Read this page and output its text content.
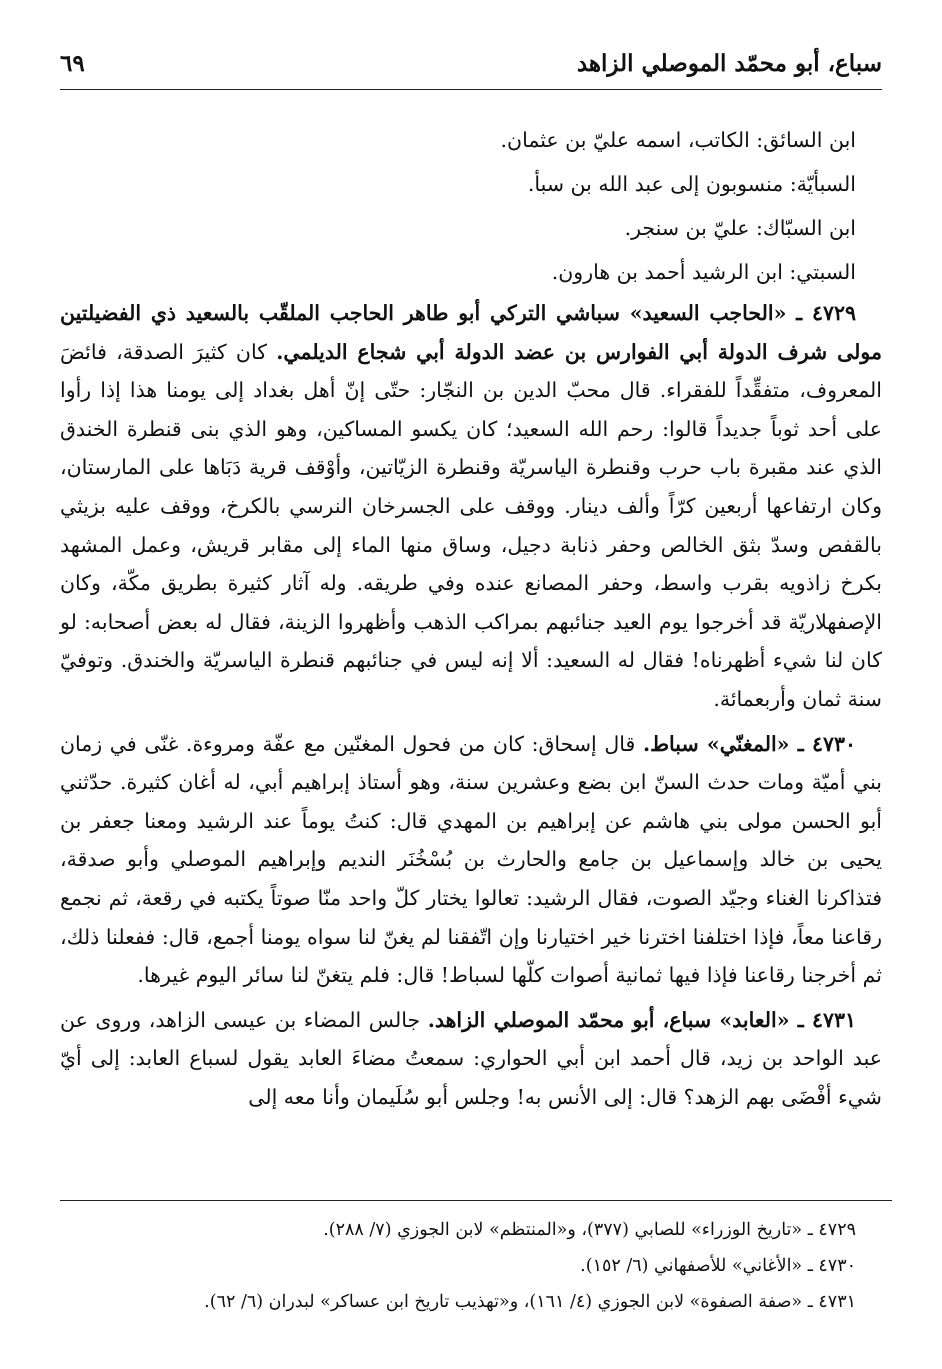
سباع، أبو محمّد الموصلي الزاهد
٦٩
ابن السائق: الكاتب، اسمه عليّ بن عثمان.
السبأيّة: منسوبون إلى عبد الله بن سبأ.
ابن السبّاك: عليّ بن سنجر.
السبتي: ابن الرشيد أحمد بن هارون.

٤٧٢٩ ـ «الحاجب السعيد» سباشي التركي أبو طاهر الحاجب الملقّب بالسعيد ذي الفضيلتين مولى شرف الدولة أبي الفوارس بن عضد الدولة أبي شجاع الديلمي. كان كثيرَ الصدقة، فائضَ المعروف، متفقِّداً للفقراء. قال محبّ الدين بن النجّار: حتّى إنّ أهل بغداد إلى يومنا هذا إذا رأوا على أحد ثوباً جديداً قالوا: رحم الله السعيد؛ كان يكسو المساكين، وهو الذي بنى قنطرة الخندق الذي عند مقبرة باب حرب وقنطرة الياسريّة وقنطرة الزيّاتين، وأوْقف قرية دَبَاها على المارستان، وكان ارتفاعها أربعين كرّاً وألف دينار. ووقف على الجسرخان النرسي بالكرخ، ووقف عليه بزيثي بالقفص وسدّ بثق الخالص وحفر ذنابة دجيل، وساق منها الماء إلى مقابر قريش، وعمل المشهد بكرخ زاذويه بقرب واسط، وحفر المصانع عنده وفي طريقه. وله آثار كثيرة بطريق مكّة، وكان الإصفهلاريّة قد أخرجوا يوم العيد جنائبهم بمراكب الذهب وأظهروا الزينة، فقال له بعض أصحابه: لو كان لنا شيء أظهرناه! فقال له السعيد: ألا إنه ليس في جنائبهم قنطرة الياسريّة والخندق. وتوفيّ سنة ثمان وأربعمائة.

٤٧٣٠ ـ «المغنّي» سباط. قال إسحاق: كان من فحول المغنّين مع عفّة ومروءة. غنّى في زمان بني أميّة ومات حدث السنّ ابن بضع وعشرين سنة، وهو أستاذ إبراهيم أبي، له أغان كثيرة. حدّثني أبو الحسن مولى بني هاشم عن إبراهيم بن المهدي قال: كنتُ يوماً عند الرشيد ومعنا جعفر بن يحيى بن خالد وإسماعيل بن جامع والحارث بن بُسْخُنَر النديم وإبراهيم الموصلي وأبو صدقة، فتذاكرنا الغناء وجيّد الصوت، فقال الرشيد: تعالوا يختار كلّ واحد منّا صوتاً يكتبه في رقعة، ثم نجمع رقاعنا معاً، فإذا اختلفنا اخترنا خير اختيارنا وإن اتّفقنا لم يغنّ لنا سواه يومنا أجمع، قال: ففعلنا ذلك، ثم أخرجنا رقاعنا فإذا فيها ثمانية أصوات كلّها لسباط! قال: فلم يتغنّ لنا سائر اليوم غيرها.

٤٧٣١ ـ «العابد» سباع، أبو محمّد الموصلي الزاهد. جالس المضاء بن عيسى الزاهد، وروى عن عبد الواحد بن زيد، قال أحمد ابن أبي الحواري: سمعتُ مضاءَ العابد يقول لسباع العابد: إلى أيّ شيء أفْضَى بهم الزهد؟ قال: إلى الأنس به! وجلس أبو سُلَيمان وأنا معه إلى

٤٧٢٩ ـ «تاريخ الوزراء» للصابي (٣٧٧)، و«المنتظم» لابن الجوزي (٧/ ٢٨٨).
٤٧٣٠ ـ «الأغاني» للأصفهاني (٦/ ١٥٢).
٤٧٣١ ـ «صفة الصفوة» لابن الجوزي (٤/ ١٦١)، و«تهذيب تاريخ ابن عساكر» لبدران (٦/ ٦٢).
